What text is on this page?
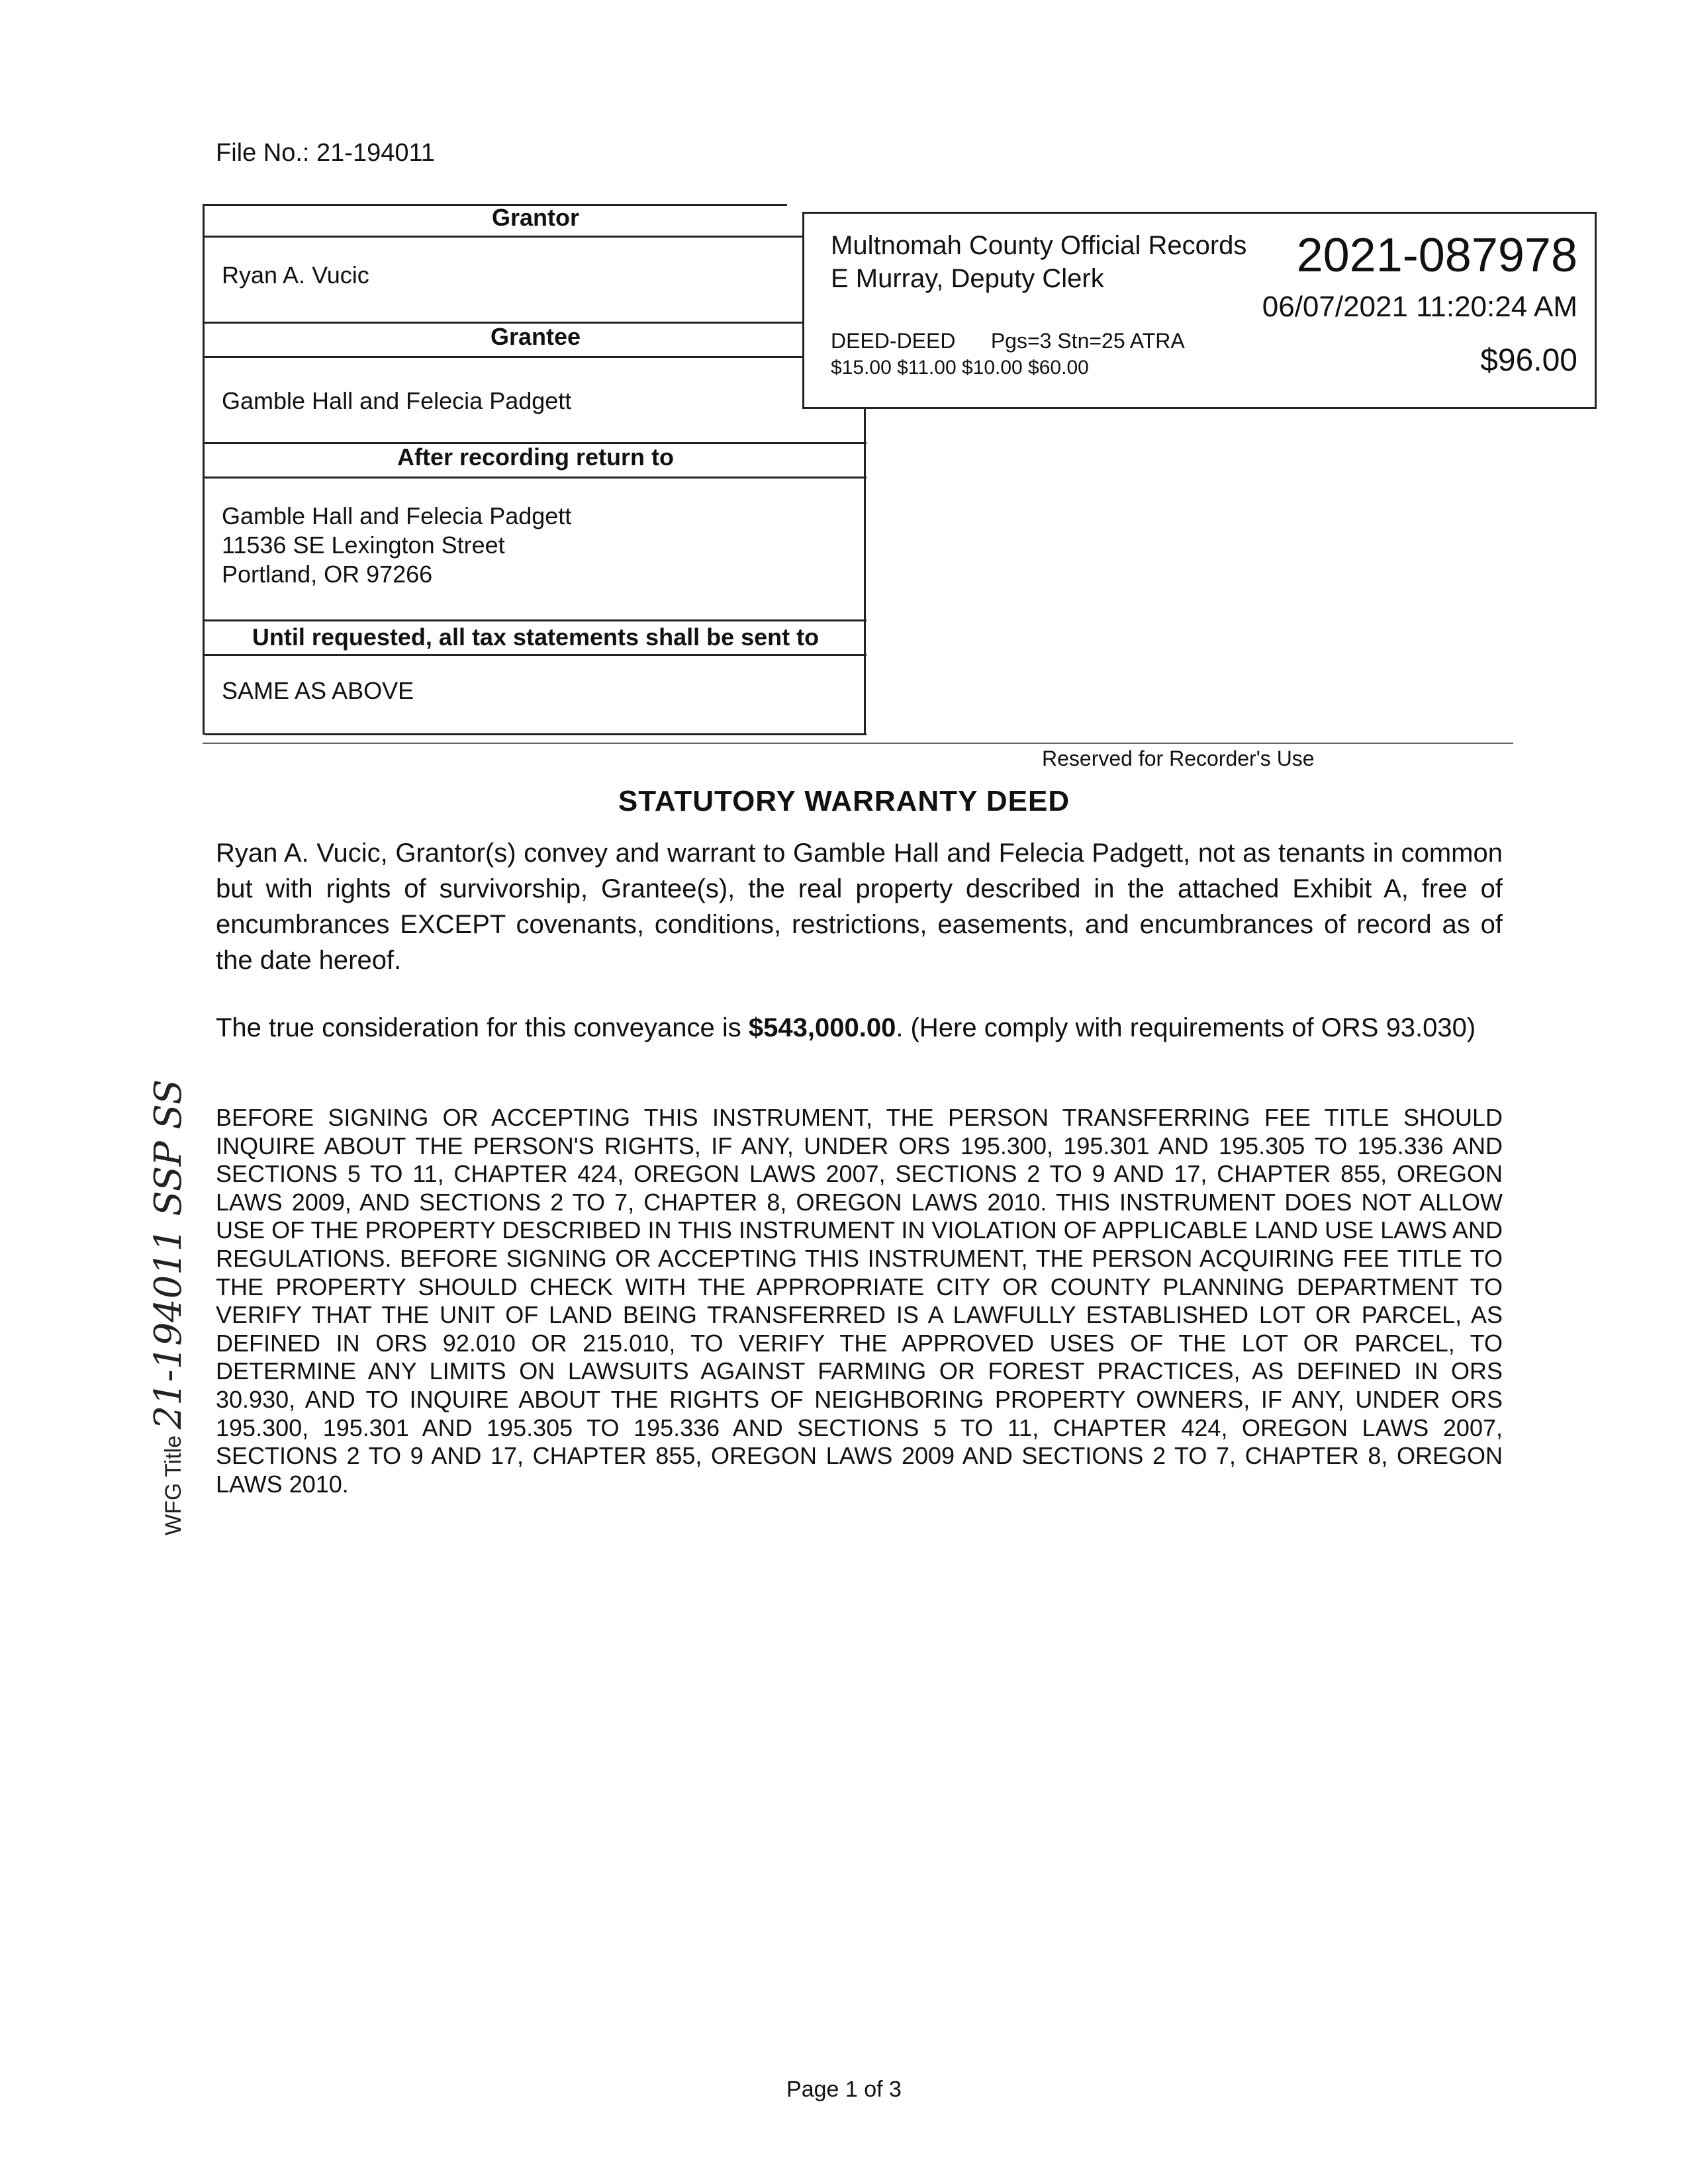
File No.: 21-194011
Grantor
Ryan A. Vucic
Grantee
Gamble Hall and Felecia Padgett
After recording return to
Gamble Hall and Felecia Padgett
11536 SE Lexington Street
Portland, OR 97266
Until requested, all tax statements shall be sent to
SAME AS ABOVE
Multnomah County Official Records
E Murray, Deputy Clerk	2021-087978
06/07/2021 11:20:24 AM
DEED-DEED      Pgs=3 Stn=25 ATRA
$15.00 $11.00 $10.00 $60.00	$96.00
Reserved for Recorder's Use
STATUTORY WARRANTY DEED
Ryan A. Vucic, Grantor(s) convey and warrant to Gamble Hall and Felecia Padgett, not as tenants in common but with rights of survivorship, Grantee(s), the real property described in the attached Exhibit A, free of encumbrances EXCEPT covenants, conditions, restrictions, easements, and encumbrances of record as of the date hereof.
The true consideration for this conveyance is $543,000.00. (Here comply with requirements of ORS 93.030)
BEFORE SIGNING OR ACCEPTING THIS INSTRUMENT, THE PERSON TRANSFERRING FEE TITLE SHOULD INQUIRE ABOUT THE PERSON'S RIGHTS, IF ANY, UNDER ORS 195.300, 195.301 AND 195.305 TO 195.336 AND SECTIONS 5 TO 11, CHAPTER 424, OREGON LAWS 2007, SECTIONS 2 TO 9 AND 17, CHAPTER 855, OREGON LAWS 2009, AND SECTIONS 2 TO 7, CHAPTER 8, OREGON LAWS 2010. THIS INSTRUMENT DOES NOT ALLOW USE OF THE PROPERTY DESCRIBED IN THIS INSTRUMENT IN VIOLATION OF APPLICABLE LAND USE LAWS AND REGULATIONS. BEFORE SIGNING OR ACCEPTING THIS INSTRUMENT, THE PERSON ACQUIRING FEE TITLE TO THE PROPERTY SHOULD CHECK WITH THE APPROPRIATE CITY OR COUNTY PLANNING DEPARTMENT TO VERIFY THAT THE UNIT OF LAND BEING TRANSFERRED IS A LAWFULLY ESTABLISHED LOT OR PARCEL, AS DEFINED IN ORS 92.010 OR 215.010, TO VERIFY THE APPROVED USES OF THE LOT OR PARCEL, TO DETERMINE ANY LIMITS ON LAWSUITS AGAINST FARMING OR FOREST PRACTICES, AS DEFINED IN ORS 30.930, AND TO INQUIRE ABOUT THE RIGHTS OF NEIGHBORING PROPERTY OWNERS, IF ANY, UNDER ORS 195.300, 195.301 AND 195.305 TO 195.336 AND SECTIONS 5 TO 11, CHAPTER 424, OREGON LAWS 2007, SECTIONS 2 TO 9 AND 17, CHAPTER 855, OREGON LAWS 2009 AND SECTIONS 2 TO 7, CHAPTER 8, OREGON LAWS 2010.
WFG Title 21-194011 SSP SS
Page 1 of 3
